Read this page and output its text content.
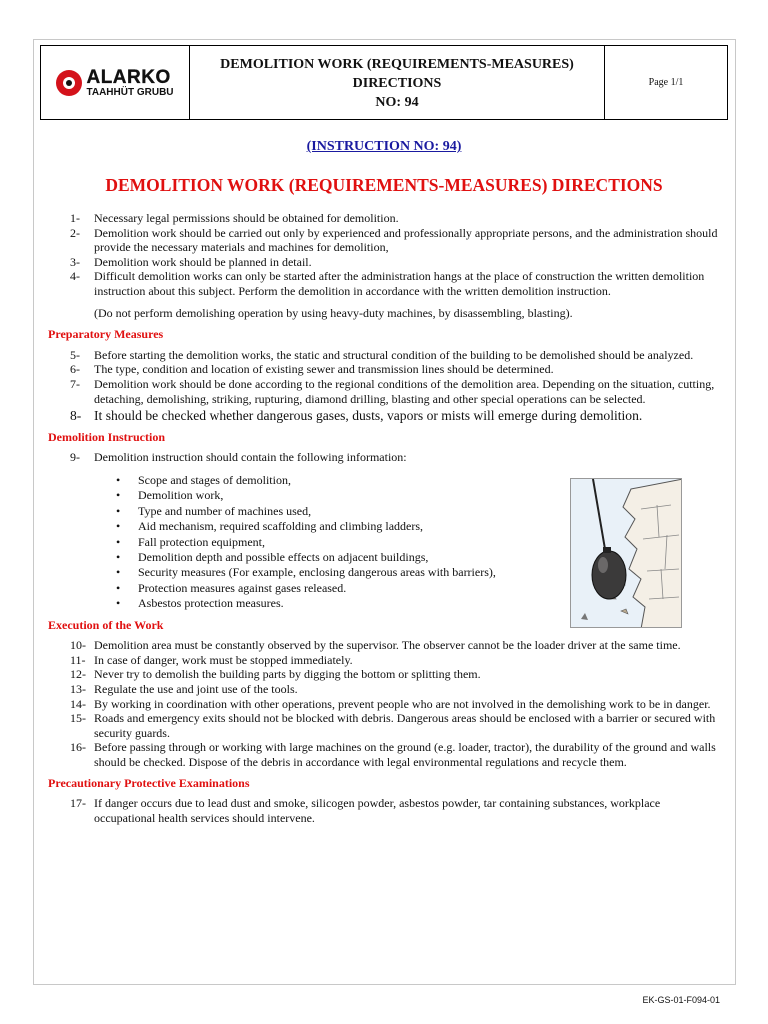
ALARKO
TAAHHÜT GRUBU
DEMOLITION WORK (REQUIREMENTS-MEASURES)
DIRECTIONS
NO: 94
Page 1/1
(INSTRUCTION NO: 94)
DEMOLITION WORK (REQUIREMENTS-MEASURES) DIRECTIONS
1-	Necessary legal permissions should be obtained for demolition.
2-	Demolition work should be carried out only by experienced and professionally appropriate persons, and the administration should provide the necessary materials and machines for demolition,
3-	Demolition work should be planned in detail.
4-	Difficult demolition works can only be started after the administration hangs at the place of construction the written demolition instruction about this subject. Perform the demolition in accordance with the written demolition instruction.
(Do not perform demolishing operation by using heavy-duty machines, by disassembling, blasting).
Preparatory Measures
5-	Before starting the demolition works, the static and structural condition of the building to be demolished should be analyzed.
6-	The type, condition and location of existing sewer and transmission lines should be determined.
7-	Demolition work should be done according to the regional conditions of the demolition area. Depending on the situation, cutting, detaching, demolishing, striking, rupturing, diamond drilling, blasting and other special operations can be selected.
8- It should be checked whether dangerous gases, dusts, vapors or mists will emerge during demolition.
Demolition Instruction
9-	Demolition instruction should contain the following information:
•	Scope and stages of demolition,
•	Demolition work,
•	Type and number of machines used,
•	Aid mechanism, required scaffolding and climbing ladders,
•	Fall protection equipment,
•	Demolition depth and possible effects on adjacent buildings,
•	Security measures (For example, enclosing dangerous areas with barriers),
•	Protection measures against gases released.
•	Asbestos protection measures.
Execution of the Work
10- Demolition area must be constantly observed by the supervisor. The observer cannot be the loader driver at the same time.
11- In case of danger, work must be stopped immediately.
12- Never try to demolish the building parts by digging the bottom or splitting them.
13- Regulate the use and joint use of the tools.
14- By working in coordination with other operations, prevent people who are not involved in the demolishing work to be in danger.
15- Roads and emergency exits should not be blocked with debris. Dangerous areas should be enclosed with a barrier or secured with security guards.
16- Before passing through or working with large machines on the ground (e.g. loader, tractor), the durability of the ground and walls should be checked. Dispose of the debris in accordance with legal environmental regulations and recycle them.
Precautionary Protective Examinations
17- If danger occurs due to lead dust and smoke, silicogen powder, asbestos powder, tar containing substances, workplace occupational health services should intervene.
EK-GS-01-F094-01
